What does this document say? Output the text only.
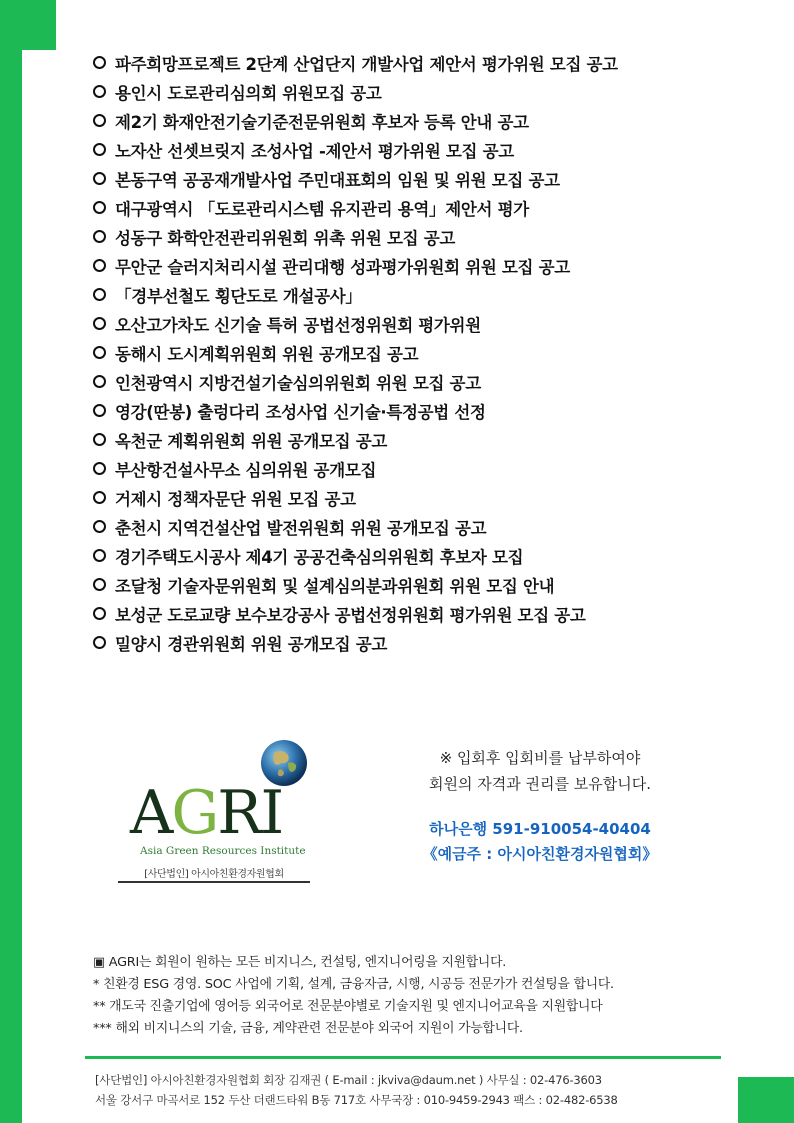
파주희망프로젝트 2단계 산업단지 개발사업 제안서 평가위원 모집 공고
용인시 도로관리심의회 위원모집 공고
제2기 화재안전기술기준전문위원회 후보자 등록 안내 공고
노자산 선셋브릿지 조성사업 -제안서 평가위원 모집 공고
본동구역 공공재개발사업 주민대표회의 임원 및 위원 모집 공고
대구광역시 「도로관리시스템 유지관리 용역」제안서 평가
성동구 화학안전관리위원회 위촉 위원 모집 공고
무안군 슬러지처리시설 관리대행 성과평가위원회 위원 모집 공고
「경부선철도 횡단도로 개설공사」
오산고가차도 신기술 특허 공법선정위원회 평가위원
동해시 도시계획위원회 위원 공개모집 공고
인천광역시 지방건설기술심의위원회 위원 모집 공고
영강(딴봉) 출렁다리 조성사업 신기술·특정공법 선정
옥천군 계획위원회 위원 공개모집 공고
부산항건설사무소 심의위원 공개모집
거제시 정책자문단 위원 모집 공고
춘천시 지역건설산업 발전위원회 위원 공개모집 공고
경기주택도시공사 제4기 공공건축심의위원회 후보자 모집
조달청 기술자문위원회 및 설계심의분과위원회 위원 모집 안내
보성군 도로교량 보수보강공사 공법선정위원회 평가위원 모집 공고
밀양시 경관위원회 위원 공개모집 공고
AGRI
Asia Green Resources Institute
[사단법인] 아시아친환경자원협회
※ 입회후 입회비를 납부하여야
회원의 자격과 권리를 보유합니다.
하나은행 591-910054-40404
《예금주 : 아시아친환경자원협회》
▣ AGRI는 회원이 원하는 모든 비지니스, 컨설팅, 엔지니어링을 지원합니다.
* 친환경 ESG 경영. SOC 사업에 기획, 설계, 금융자금, 시행, 시공등 전문가가 컨설팅을 합니다.
** 개도국 진출기업에 영어등 외국어로 전문분야별로 기술지원 및 엔지니어교육을 지원합니다
*** 해외 비지니스의 기술, 금융, 계약관련 전문분야 외국어 지원이 가능합니다.
[사단법인] 아시아친환경자원협회 회장 김재권 ( E-mail : jkviva@daum.net ) 사무실 : 02-476-3603
서울 강서구 마곡서로 152 두산 더랜드타워 B동 717호 사무국장 : 010-9459-2943 팩스 : 02-482-6538
